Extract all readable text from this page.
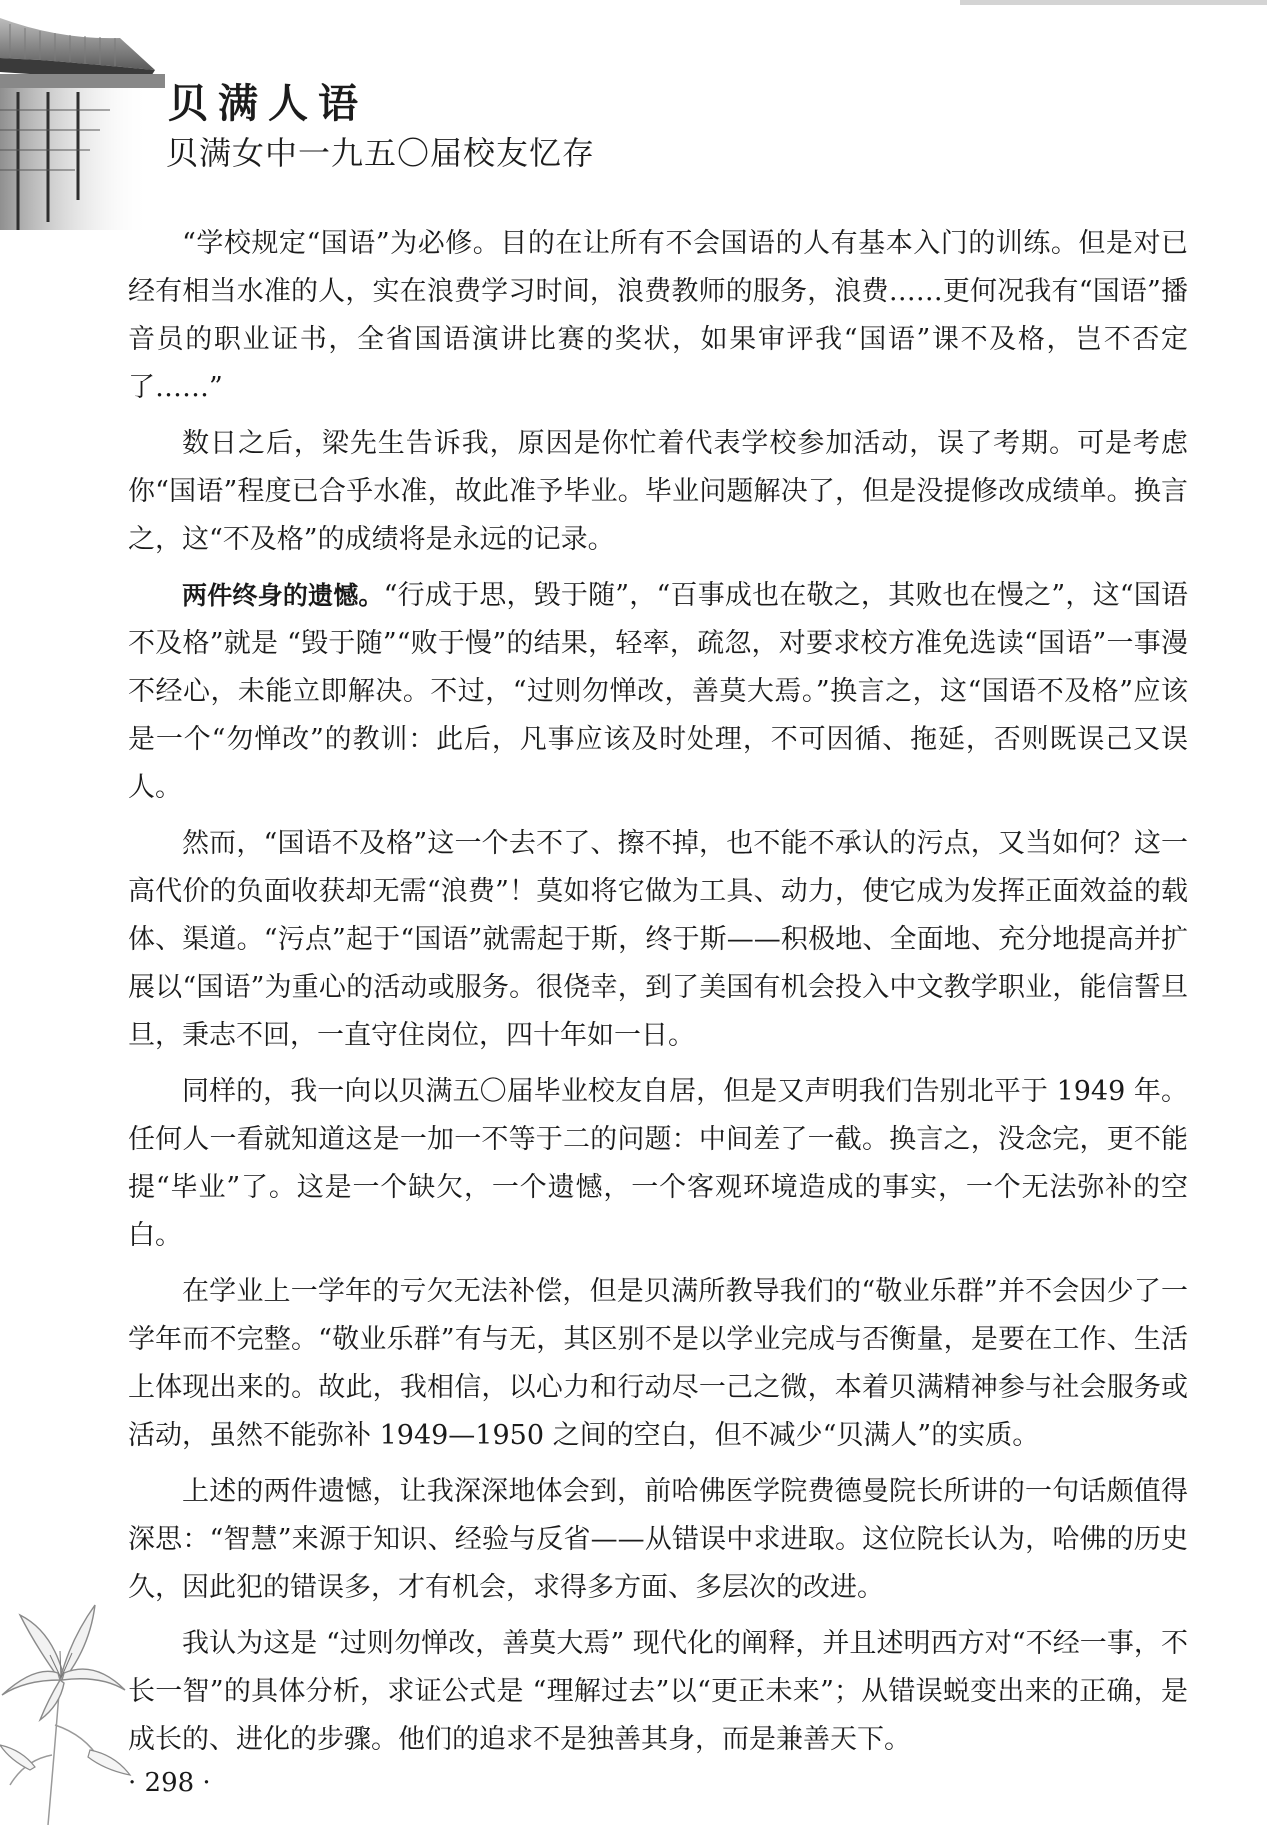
贝满人语
贝满女中一九五〇届校友忆存

“学校规定“国语”为必修。目的在让所有不会国语的人有基本入门的训练。但是对已经有相当水准的人，实在浪费学习时间，浪费教师的服务，浪费……更何况我有“国语”播音员的职业证书，全省国语演讲比赛的奖状，如果审评我“国语”课不及格，岂不否定了……”

数日之后，梁先生告诉我，原因是你忙着代表学校参加活动，误了考期。可是考虑你“国语”程度已合乎水准，故此准予毕业。毕业问题解决了，但是没提修改成绩单。换言之，这“不及格”的成绩将是永远的记录。

两件终身的遗憾。“行成于思，毁于随”，“百事成也在敬之，其败也在慢之”，这“国语不及格”就是 “毁于随”“败于慢”的结果，轻率，疏忽，对要求校方准免选读“国语”一事漫不经心，未能立即解决。不过，“过则勿惮改，善莫大焉。”换言之，这“国语不及格”应该是一个“勿惮改”的教训：此后，凡事应该及时处理，不可因循、拖延，否则既误己又误人。

然而，“国语不及格”这一个去不了、擦不掉，也不能不承认的污点，又当如何？这一高代价的负面收获却无需“浪费”！莫如将它做为工具、动力，使它成为发挥正面效益的载体、渠道。“污点”起于“国语”就需起于斯，终于斯——积极地、全面地、充分地提高并扩展以“国语”为重心的活动或服务。很侥幸，到了美国有机会投入中文教学职业，能信誓旦旦，秉志不回，一直守住岗位，四十年如一日。

同样的，我一向以贝满五〇届毕业校友自居，但是又声明我们告别北平于 1949 年。任何人一看就知道这是一加一不等于二的问题：中间差了一截。换言之，没念完，更不能提“毕业”了。这是一个缺欠，一个遗憾，一个客观环境造成的事实，一个无法弥补的空白。

在学业上一学年的亏欠无法补偿，但是贝满所教导我们的“敬业乐群”并不会因少了一学年而不完整。“敬业乐群”有与无，其区别不是以学业完成与否衡量，是要在工作、生活上体现出来的。故此，我相信，以心力和行动尽一己之微，本着贝满精神参与社会服务或活动，虽然不能弥补 1949—1950 之间的空白，但不减少“贝满人”的实质。

上述的两件遗憾，让我深深地体会到，前哈佛医学院费德曼院长所讲的一句话颇值得深思：“智慧”来源于知识、经验与反省——从错误中求进取。这位院长认为，哈佛的历史久，因此犯的错误多，才有机会，求得多方面、多层次的改进。

我认为这是 “过则勿惮改，善莫大焉” 现代化的阐释，并且述明西方对“不经一事，不长一智”的具体分析，求证公式是 “理解过去”以“更正未来”；从错误蜕变出来的正确，是成长的、进化的步骤。他们的追求不是独善其身，而是兼善天下。

· 298 ·
